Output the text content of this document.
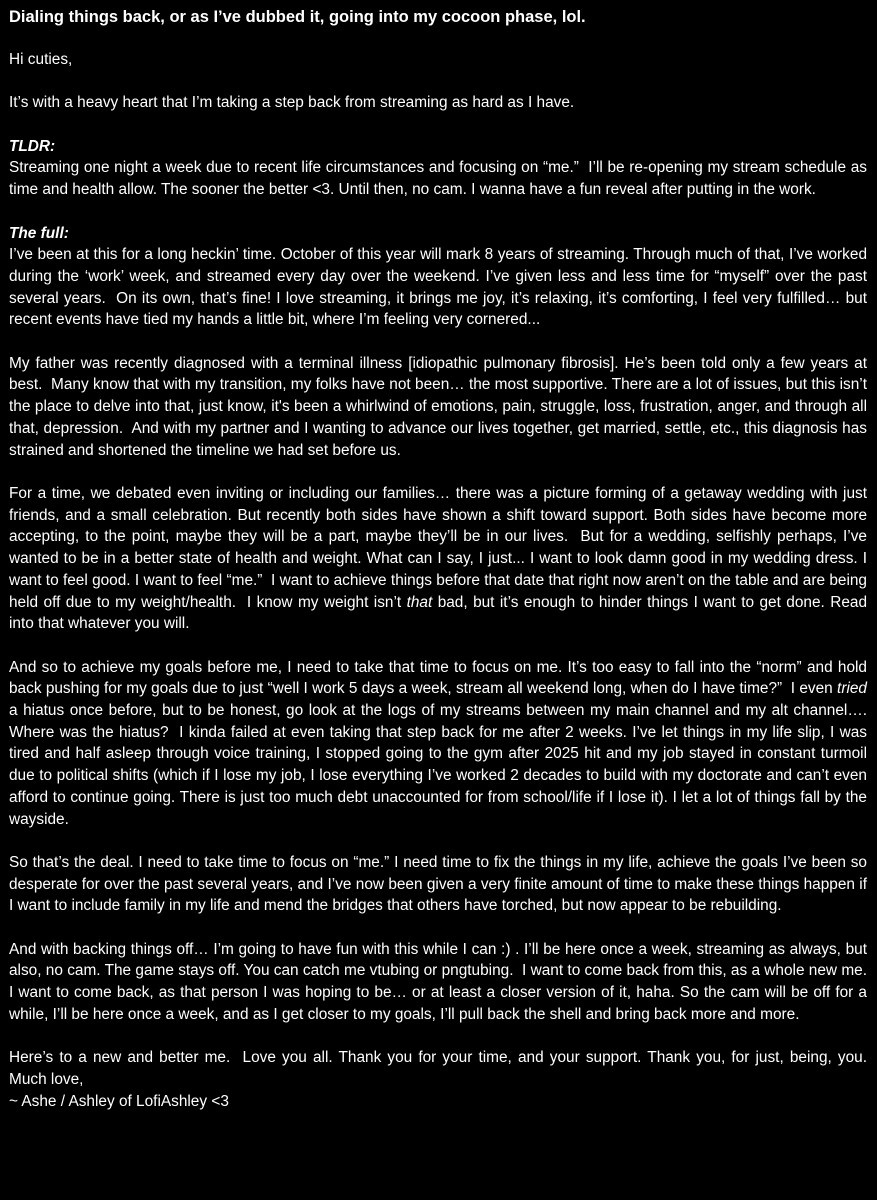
Dialing things back, or as I’ve dubbed it, going into my cocoon phase, lol.
Hi cuties,
It’s with a heavy heart that I’m taking a step back from streaming as hard as I have.
TLDR:
Streaming one night a week due to recent life circumstances and focusing on “me.”  I’ll be re-opening my stream schedule as time and health allow. The sooner the better <3. Until then, no cam. I wanna have a fun reveal after putting in the work.
The full:
I’ve been at this for a long heckin’ time. October of this year will mark 8 years of streaming. Through much of that, I’ve worked during the ‘work’ week, and streamed every day over the weekend. I’ve given less and less time for “myself” over the past several years.  On its own, that’s fine! I love streaming, it brings me joy, it’s relaxing, it’s comforting, I feel very fulfilled… but recent events have tied my hands a little bit, where I’m feeling very cornered...
My father was recently diagnosed with a terminal illness [idiopathic pulmonary fibrosis]. He’s been told only a few years at best.  Many know that with my transition, my folks have not been… the most supportive. There are a lot of issues, but this isn’t the place to delve into that, just know, it's been a whirlwind of emotions, pain, struggle, loss, frustration, anger, and through all that, depression.  And with my partner and I wanting to advance our lives together, get married, settle, etc., this diagnosis has strained and shortened the timeline we had set before us.
For a time, we debated even inviting or including our families… there was a picture forming of a getaway wedding with just friends, and a small celebration. But recently both sides have shown a shift toward support. Both sides have become more accepting, to the point, maybe they will be a part, maybe they’ll be in our lives.  But for a wedding, selfishly perhaps, I’ve wanted to be in a better state of health and weight. What can I say, I just... I want to look damn good in my wedding dress. I want to feel good. I want to feel “me.”  I want to achieve things before that date that right now aren’t on the table and are being held off due to my weight/health.  I know my weight isn’t that bad, but it’s enough to hinder things I want to get done. Read into that whatever you will.
And so to achieve my goals before me, I need to take that time to focus on me. It’s too easy to fall into the “norm” and hold back pushing for my goals due to just “well I work 5 days a week, stream all weekend long, when do I have time?”  I even tried a hiatus once before, but to be honest, go look at the logs of my streams between my main channel and my alt channel…. Where was the hiatus?  I kinda failed at even taking that step back for me after 2 weeks. I’ve let things in my life slip, I was tired and half asleep through voice training, I stopped going to the gym after 2025 hit and my job stayed in constant turmoil due to political shifts (which if I lose my job, I lose everything I’ve worked 2 decades to build with my doctorate and can’t even afford to continue going. There is just too much debt unaccounted for from school/life if I lose it). I let a lot of things fall by the wayside.
So that’s the deal. I need to take time to focus on “me.” I need time to fix the things in my life, achieve the goals I’ve been so desperate for over the past several years, and I’ve now been given a very finite amount of time to make these things happen if I want to include family in my life and mend the bridges that others have torched, but now appear to be rebuilding.
And with backing things off… I’m going to have fun with this while I can :) . I’ll be here once a week, streaming as always, but also, no cam. The game stays off. You can catch me vtubing or pngtubing.  I want to come back from this, as a whole new me. I want to come back, as that person I was hoping to be… or at least a closer version of it, haha. So the cam will be off for a while, I’ll be here once a week, and as I get closer to my goals, I’ll pull back the shell and bring back more and more.
Here’s to a new and better me.  Love you all. Thank you for your time, and your support. Thank you, for just, being, you.  Much love,
~ Ashe / Ashley of LofiAshley <3
